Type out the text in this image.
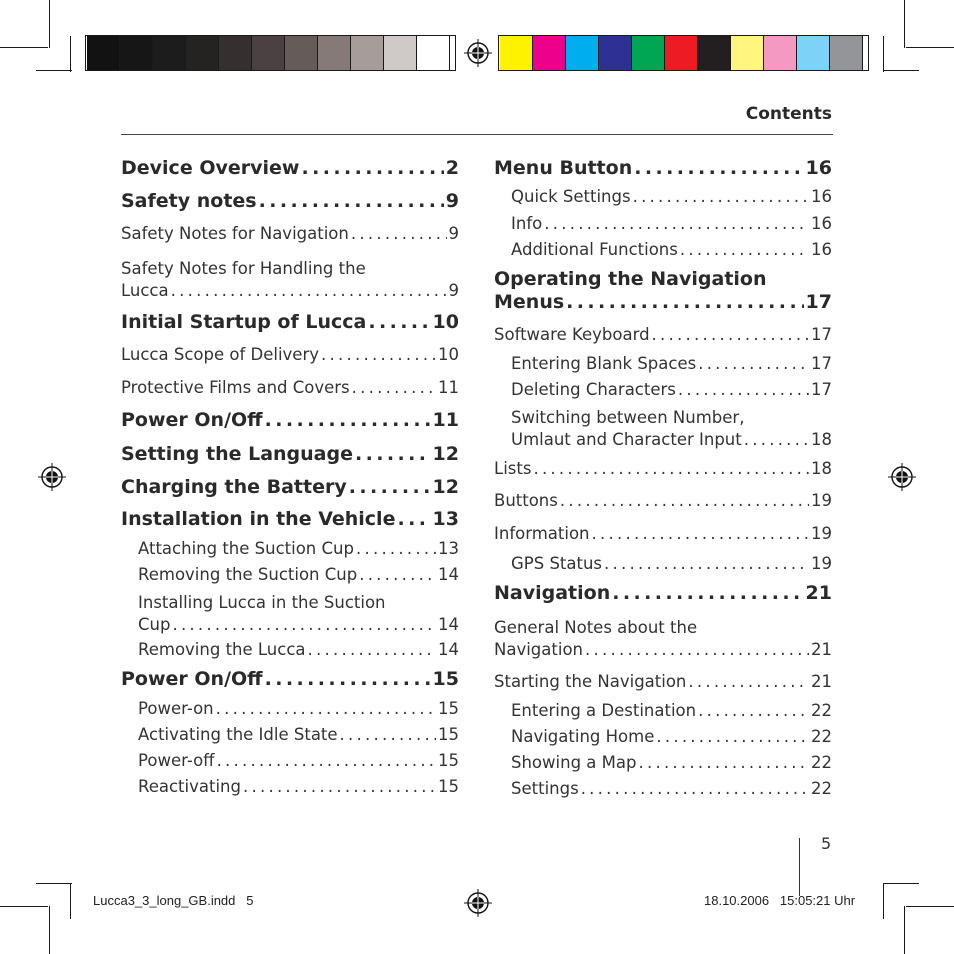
Contents
Device Overview . . .	2
Safety notes . . .	9
Safety Notes for Navigation . . .	9
Safety Notes for Handling the
Lucca . . .	9
Initial Startup of Lucca . . .	10
Lucca Scope of Delivery . . .	10
Protective Films and Covers . . .	11
Power On/Off . . .	11
Setting the Language . . .	12
Charging the Battery . . .	12
Installation in the Vehicle . . . 13
Attaching the Suction Cup . . .	13
Removing the Suction Cup . . .	14
Installing Lucca in the Suction
Cup . . .	14
Removing the Lucca . . .	14
Power On/Off . . .	15
Power-on . . .	15
Activating the Idle State . . .	15
Power-off . . .	15
Reactivating . . .	15
Menu Button . . .	16
Quick Settings . . .	16
Info . . .	16
Additional Functions . . .	16
Operating the Navigation
Menus . . .	17
Software Keyboard . . .	17
Entering Blank Spaces . . .	17
Deleting Characters . . .	17
Switching between Number,
Umlaut and Character Input . . .	18
Lists . . .	18
Buttons . . .	19
Information . . .	19
GPS Status . . .	19
Navigation . . .	21
General Notes about the
Navigation . . .	21
Starting the Navigation . . .	21
Entering a Destination . . .	22
Navigating Home . . .	22
Showing a Map . . .	22
Settings . . .	22
5
Lucca3_3_long_GB.indd   5	18.10.2006   15:05:21 Uhr
